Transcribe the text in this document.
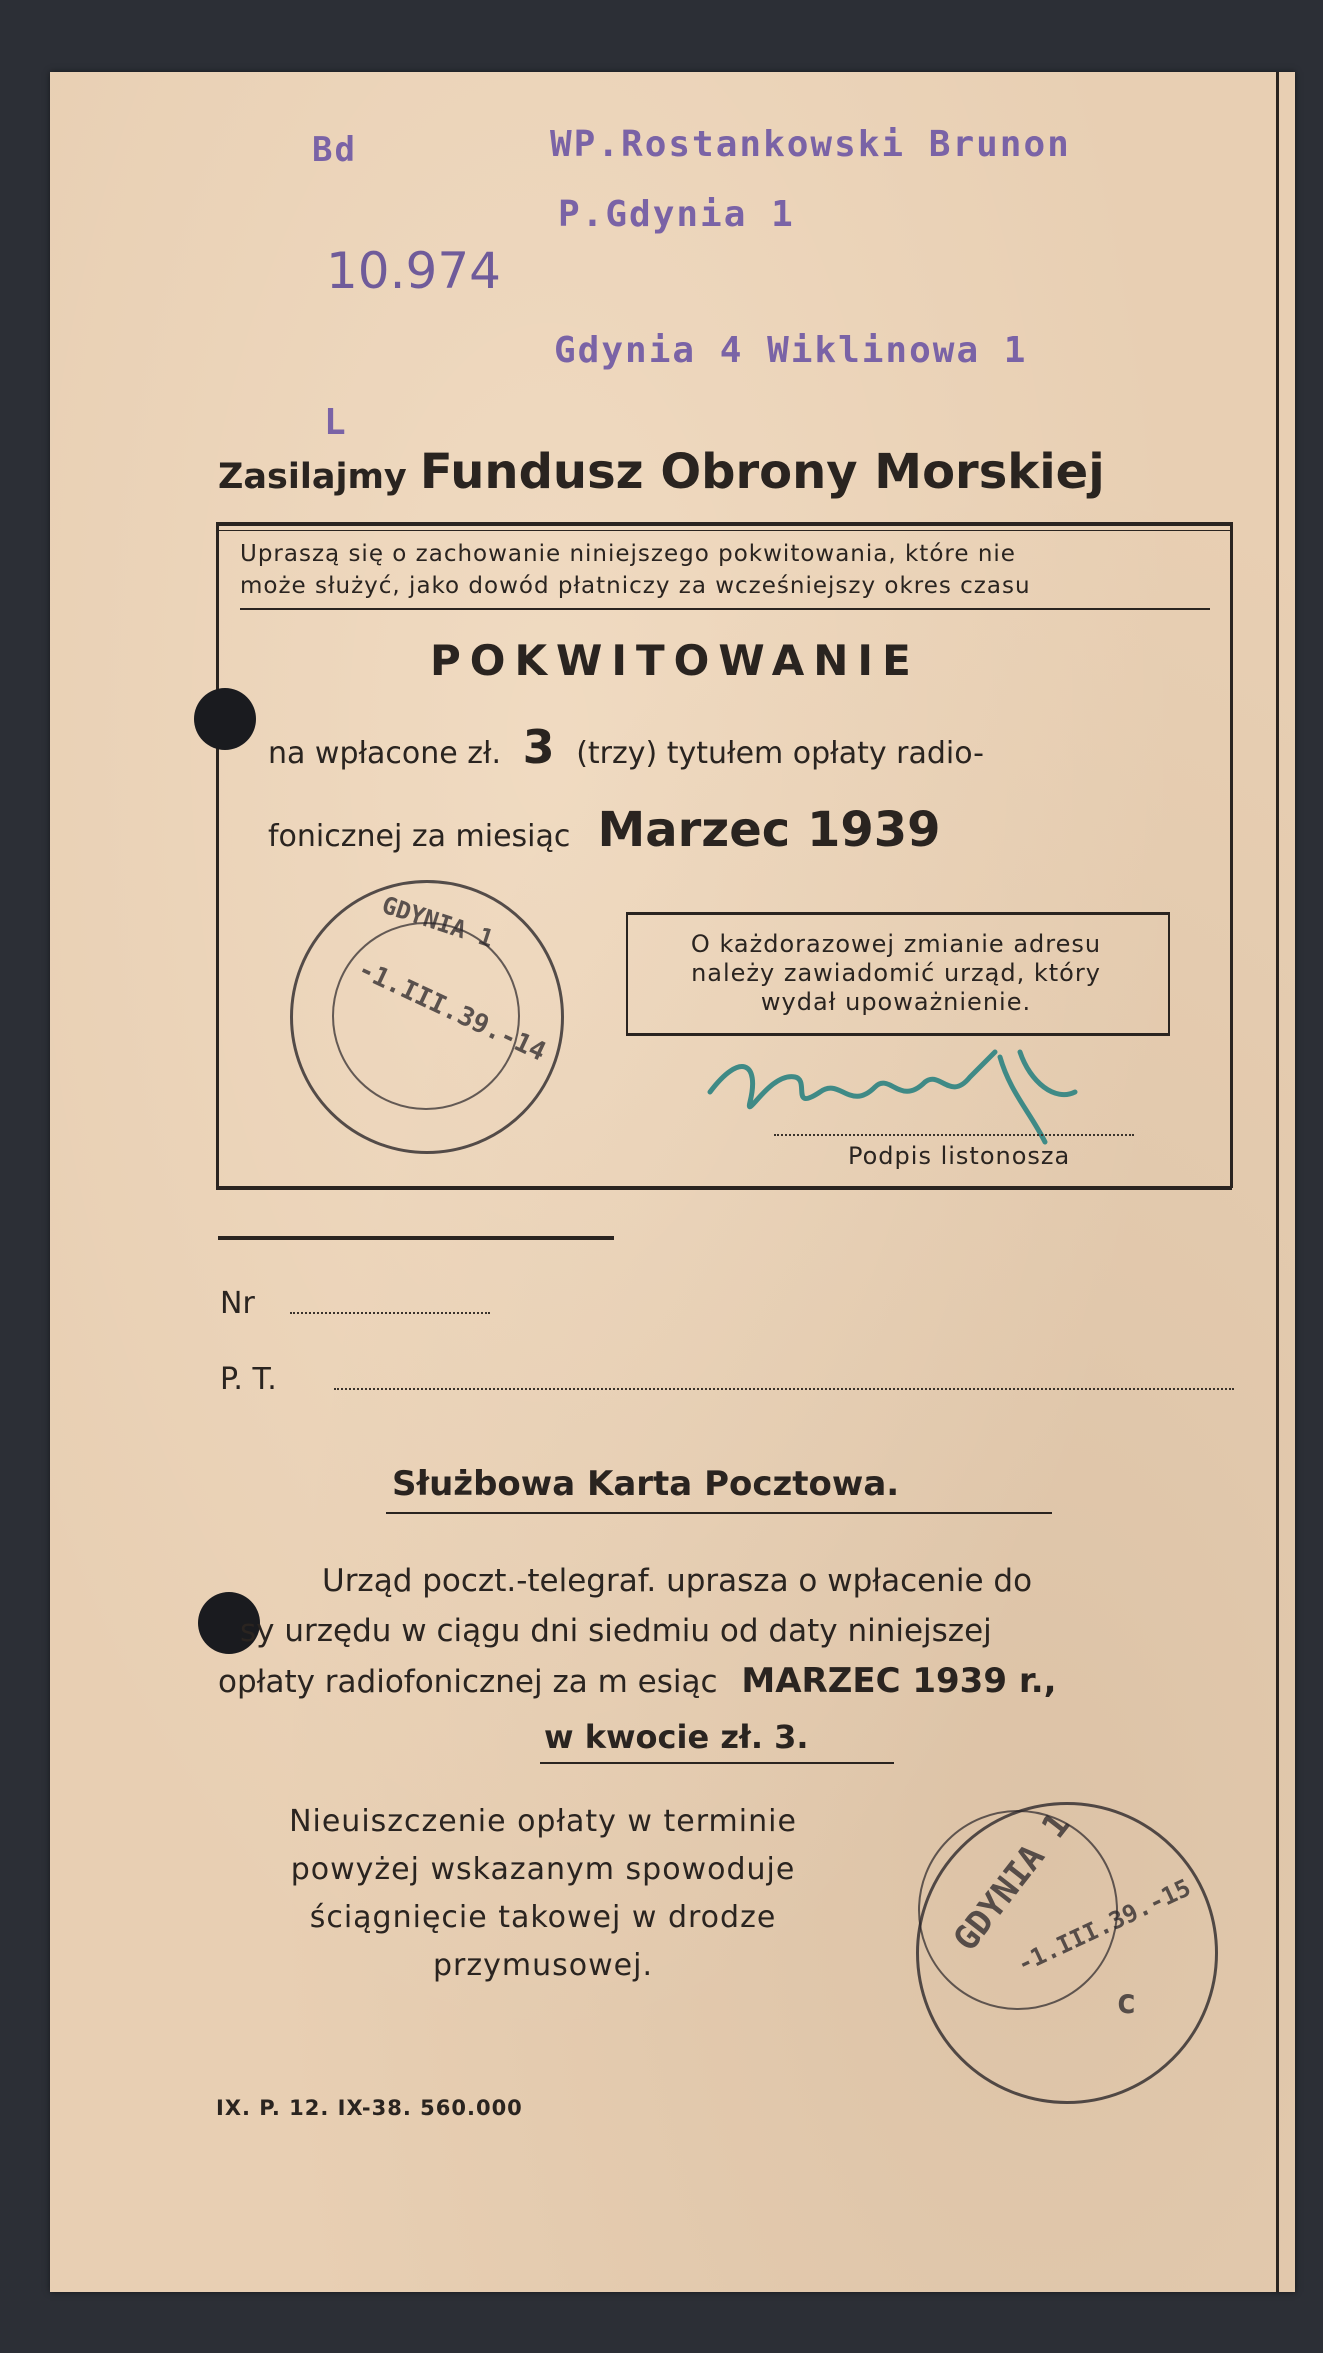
Bd
10.974
L
WP.Rostankowski Brunon
P.Gdynia 1
Gdynia 4 Wiklinowa 1
Zasilajmy Fundusz Obrony Morskiej
Upraszą się o zachowanie niniejszego pokwitowania, które nie
może służyć, jako dowód płatniczy za wcześniejszy okres czasu
POKWITOWANIE
na wpłacone zł. 3 (trzy) tytułem opłaty radio-
fonicznej za miesiąc Marzec 1939
O każdorazowej zmianie adresu
należy zawiadomić urząd, który
wydał upoważnienie.
GDYNIA 1
-1.III.39.-14
Podpis listonosza
Nr
P. T.
Służbowa Karta Pocztowa.
Urząd poczt.-telegraf. uprasza o wpłacenie do
sy urzędu w ciągu dni siedmiu od daty niniejszej
opłaty radiofonicznej za m esiąc MARZEC 1939 r.,
w kwocie zł. 3.
Nieuiszczenie opłaty w terminie
powyżej wskazanym spowoduje
ściągnięcie takowej w drodze
przymusowej.
GDYNIA 1
-1.III.39.-15
c
IX. P. 12. IX-38. 560.000
